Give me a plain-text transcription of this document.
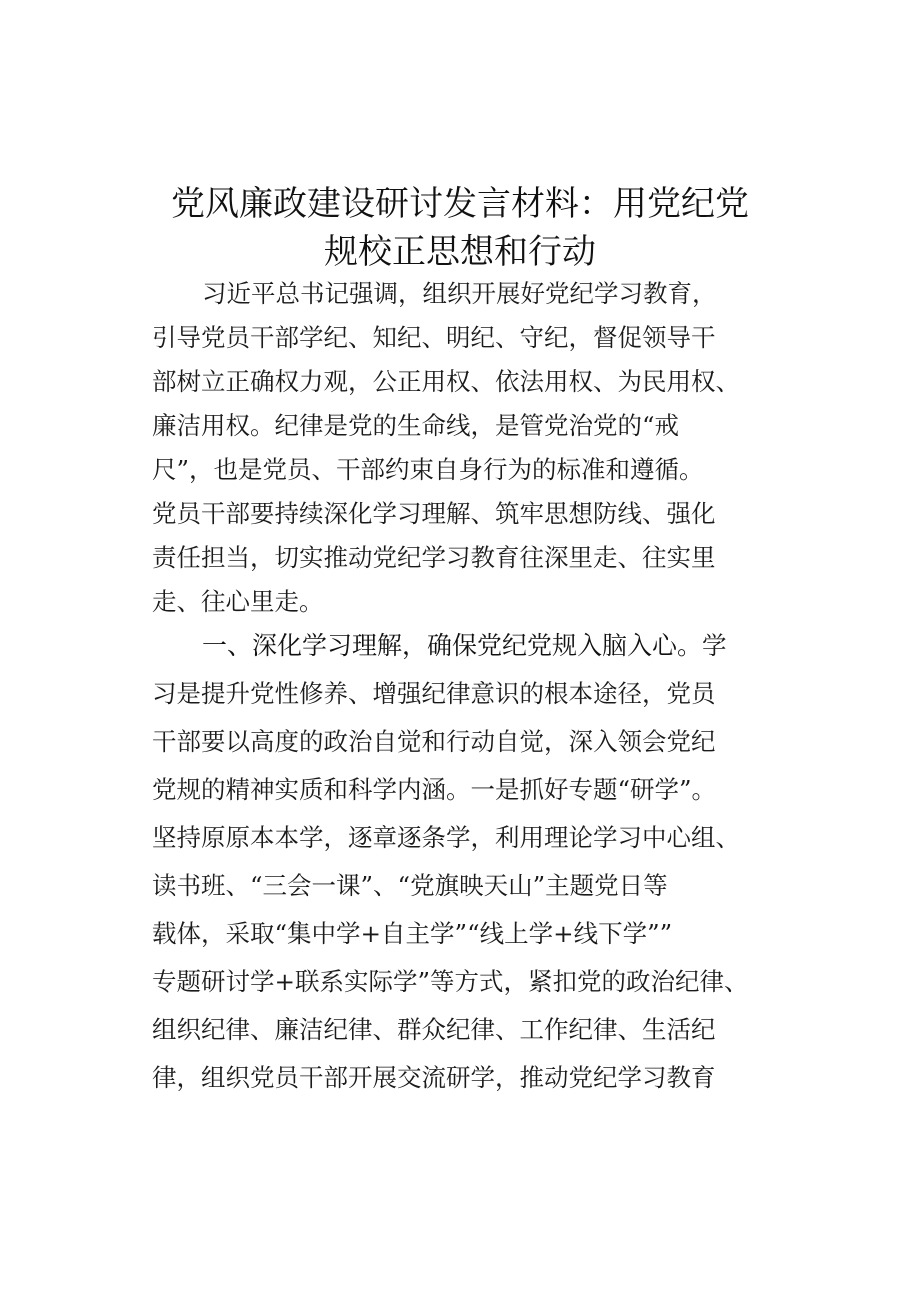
党风廉政建设研讨发言材料：用党纪党
规校正思想和行动
习近平总书记强调，组织开展好党纪学习教育，
引导党员干部学纪、知纪、明纪、守纪，督促领导干
部树立正确权力观，公正用权、依法用权、为民用权、
廉洁用权。纪律是党的生命线，是管党治党的“戒
尺”，也是党员、干部约束自身行为的标准和遵循。
党员干部要持续深化学习理解、筑牢思想防线、强化
责任担当，切实推动党纪学习教育往深里走、往实里
走、往心里走。
一、深化学习理解，确保党纪党规入脑入心。学
习是提升党性修养、增强纪律意识的根本途径，党员
干部要以高度的政治自觉和行动自觉，深入领会党纪
党规的精神实质和科学内涵。一是抓好专题“研学”。
坚持原原本本学，逐章逐条学，利用理论学习中心组、
读书班、“三会一课”、“党旗映天山”主题党日等
载体，采取“集中学+自主学”“线上学+线下学””
专题研讨学+联系实际学”等方式，紧扣党的政治纪律、
组织纪律、廉洁纪律、群众纪律、工作纪律、生活纪
律，组织党员干部开展交流研学，推动党纪学习教育
